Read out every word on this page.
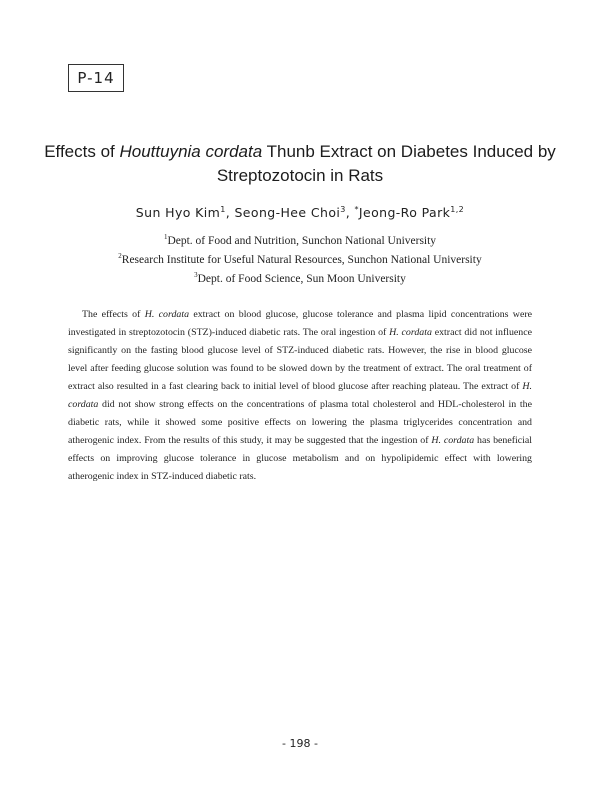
P-14
Effects of Houttuynia cordata Thunb Extract on Diabetes Induced by
Streptozotocin in Rats
Sun Hyo Kim$^1$, Seong-Hee Choi$^3$, *Jeong-Ro Park$^{1,2}$
$^1$Dept. of Food and Nutrition, Sunchon National University
$^2$Research Institute for Useful Natural Resources, Sunchon National University
$^3$Dept. of Food Science, Sun Moon University

The effects of H. cordata extract on blood glucose, glucose tolerance and plasma lipid concentrations were investigated in streptozotocin (STZ)-induced diabetic rats. The oral ingestion of H. cordata extract did not influence significantly on the fasting blood glucose level of STZ-induced diabetic rats. However, the rise in blood glucose level after feeding glucose solution was found to be slowed down by the treatment of extract. The oral treatment of extract also resulted in a fast clearing back to initial level of blood glucose after reaching plateau. The extract of H. cordata did not show strong effects on the concentrations of plasma total cholesterol and HDL-cholesterol in the diabetic rats, while it showed some positive effects on lowering the plasma triglycerides concentration and atherogenic index. From the results of this study, it may be suggested that the ingestion of H. cordata has beneficial effects on improving glucose tolerance in glucose metabolism and on hypolipidemic effect with lowering atherogenic index in STZ-induced diabetic rats.

- 198 -
